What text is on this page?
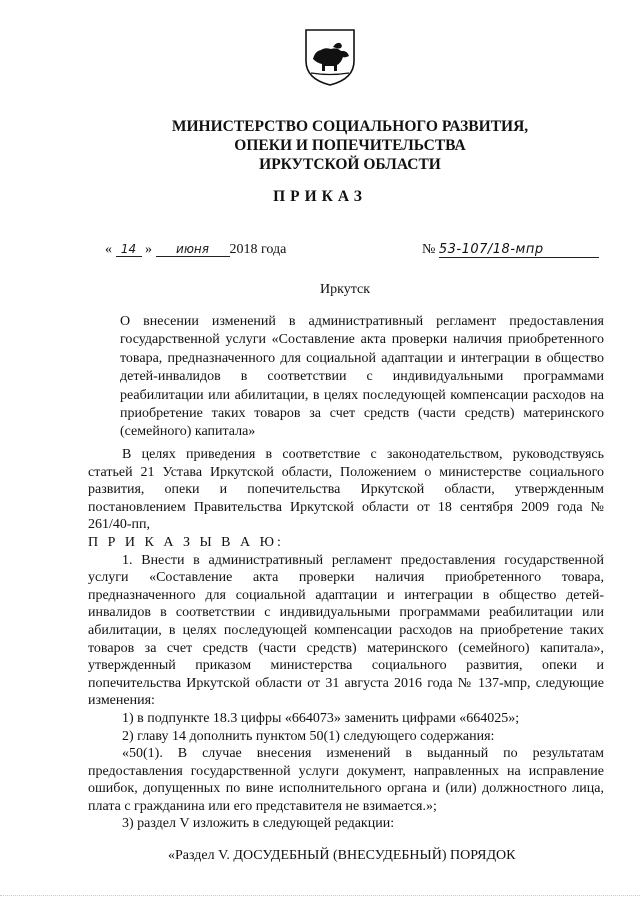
МИНИСТЕРСТВО СОЦИАЛЬНОГО РАЗВИТИЯ,
ОПЕКИ И ПОПЕЧИТЕЛЬСТВА
ИРКУТСКОЙ ОБЛАСТИ
ПРИКАЗ
« 14 » июня 2018 года	№ 53-107/18-мпр
Иркутск
О внесении изменений в административный регламент предоставления государственной услуги «Составление акта проверки наличия приобретенного товара, предназначенного для социальной адаптации и интеграции в общество детей-инвалидов в соответствии с индивидуальными программами реабилитации или абилитации, в целях последующей компенсации расходов на приобретение таких товаров за счет средств (части средств) материнского (семейного) капитала»

В целях приведения в соответствие с законодательством, руководствуясь статьей 21 Устава Иркутской области, Положением о министерстве социального развития, опеки и попечительства Иркутской области, утвержденным постановлением Правительства Иркутской области от 18 сентября 2009 года № 261/40-пп,

П Р И К А З Ы В А Ю:

1. Внести в административный регламент предоставления государственной услуги «Составление акта проверки наличия приобретенного товара, предназначенного для социальной адаптации и интеграции в общество детей-инвалидов в соответствии с индивидуальными программами реабилитации или абилитации, в целях последующей компенсации расходов на приобретение таких товаров за счет средств (части средств) материнского (семейного) капитала», утвержденный приказом министерства социального развития, опеки и попечительства Иркутской области от 31 августа 2016 года № 137-мпр, следующие изменения:

1) в подпункте 18.3 цифры «664073» заменить цифрами «664025»;

2) главу 14 дополнить пунктом 50(1) следующего содержания:

«50(1). В случае внесения изменений в выданный по результатам предоставления государственной услуги документ, направленных на исправление ошибок, допущенных по вине исполнительного органа и (или) должностного лица, плата с гражданина или его представителя не взимается.»;

3) раздел V изложить в следующей редакции:

«Раздел V. ДОСУДЕБНЫЙ (ВНЕСУДЕБНЫЙ) ПОРЯДОК
